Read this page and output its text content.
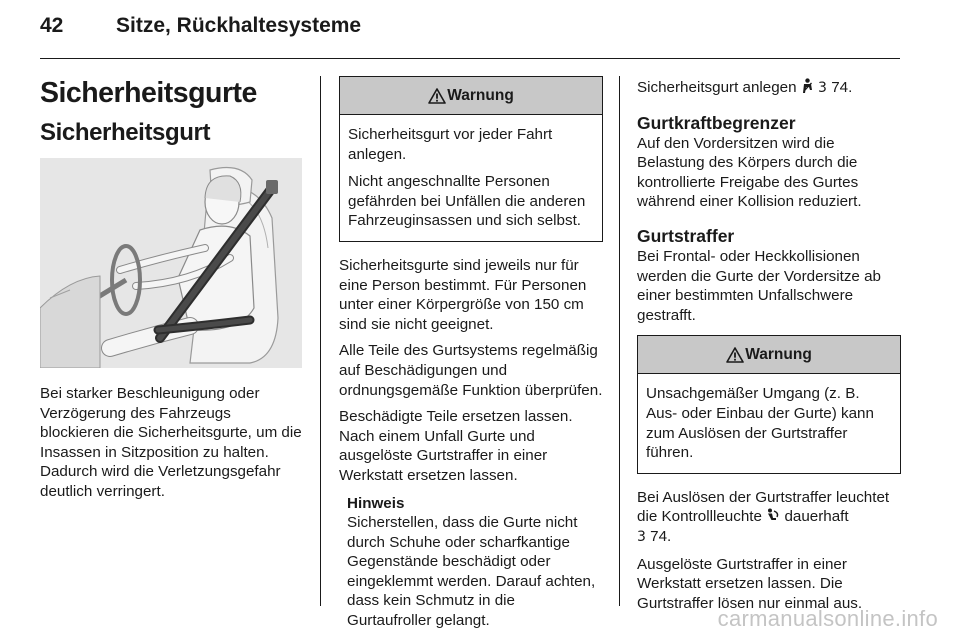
42	Sitze, Rückhaltesysteme
Sicherheitsgurte
Sicherheitsgurt

Bei starker Beschleunigung oder Verzögerung des Fahrzeugs blockieren die Sicherheitsgurte, um die Insassen in Sitzposition zu halten. Dadurch wird die Verletzungsgefahr deutlich verringert.

Warnung

Sicherheitsgurt vor jeder Fahrt anlegen.

Nicht angeschnallte Personen gefährden bei Unfällen die anderen Fahrzeuginsassen und sich selbst.

Sicherheitsgurte sind jeweils nur für eine Person bestimmt. Für Personen unter einer Körpergröße von 150 cm sind sie nicht geeignet.

Alle Teile des Gurtsystems regelmäßig auf Beschädigungen und ordnungsgemäße Funktion überprüfen.

Beschädigte Teile ersetzen lassen. Nach einem Unfall Gurte und ausgelöste Gurtstraffer in einer Werkstatt ersetzen lassen.

Hinweis
Sicherstellen, dass die Gurte nicht durch Schuhe oder scharfkantige Gegenstände beschädigt oder eingeklemmt werden. Darauf achten, dass kein Schmutz in die Gurtaufroller gelangt.

Sicherheitsgurt anlegen 3 74.

Gurtkraftbegrenzer

Auf den Vordersitzen wird die Belastung des Körpers durch die kontrollierte Freigabe des Gurtes während einer Kollision reduziert.

Gurtstraffer

Bei Frontal- oder Heckkollisionen werden die Gurte der Vordersitze ab einer bestimmten Unfallschwere gestrafft.

Warnung

Unsachgemäßer Umgang (z. B. Aus- oder Einbau der Gurte) kann zum Auslösen der Gurtstraffer führen.

Bei Auslösen der Gurtstraffer leuchtet die Kontrollleuchte dauerhaft
3 74.

Ausgelöste Gurtstraffer in einer Werkstatt ersetzen lassen. Die Gurtstraffer lösen nur einmal aus.

carmanualsonline.info
